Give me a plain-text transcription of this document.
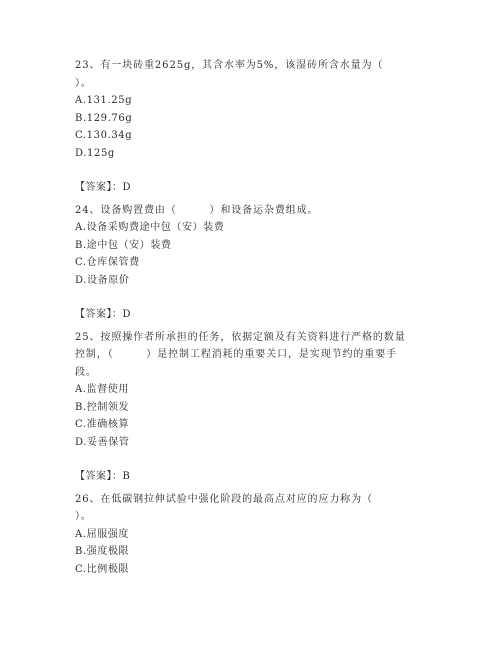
23、有一块砖重2625g，其含水率为5%，该湿砖所含水量为（
）。
A.131.25g
B.129.76g
C.130.34g
D.125g
【答案】：D
24、设备购置费由（　　　）和设备运杂费组成。
A.设备采购费途中包（安）装费
B.途中包（安）装费
C.仓库保管费
D.设备原价
【答案】：D
25、按照操作者所承担的任务，依据定额及有关资料进行严格的数量
控制，（　　　）是控制工程消耗的重要关口，是实现节约的重要手
段。
A.监督使用
B.控制领发
C.准确核算
D.妥善保管
【答案】：B
26、在低碳钢拉伸试验中强化阶段的最高点对应的应力称为（
）。
A.屈服强度
B.强度极限
C.比例极限
